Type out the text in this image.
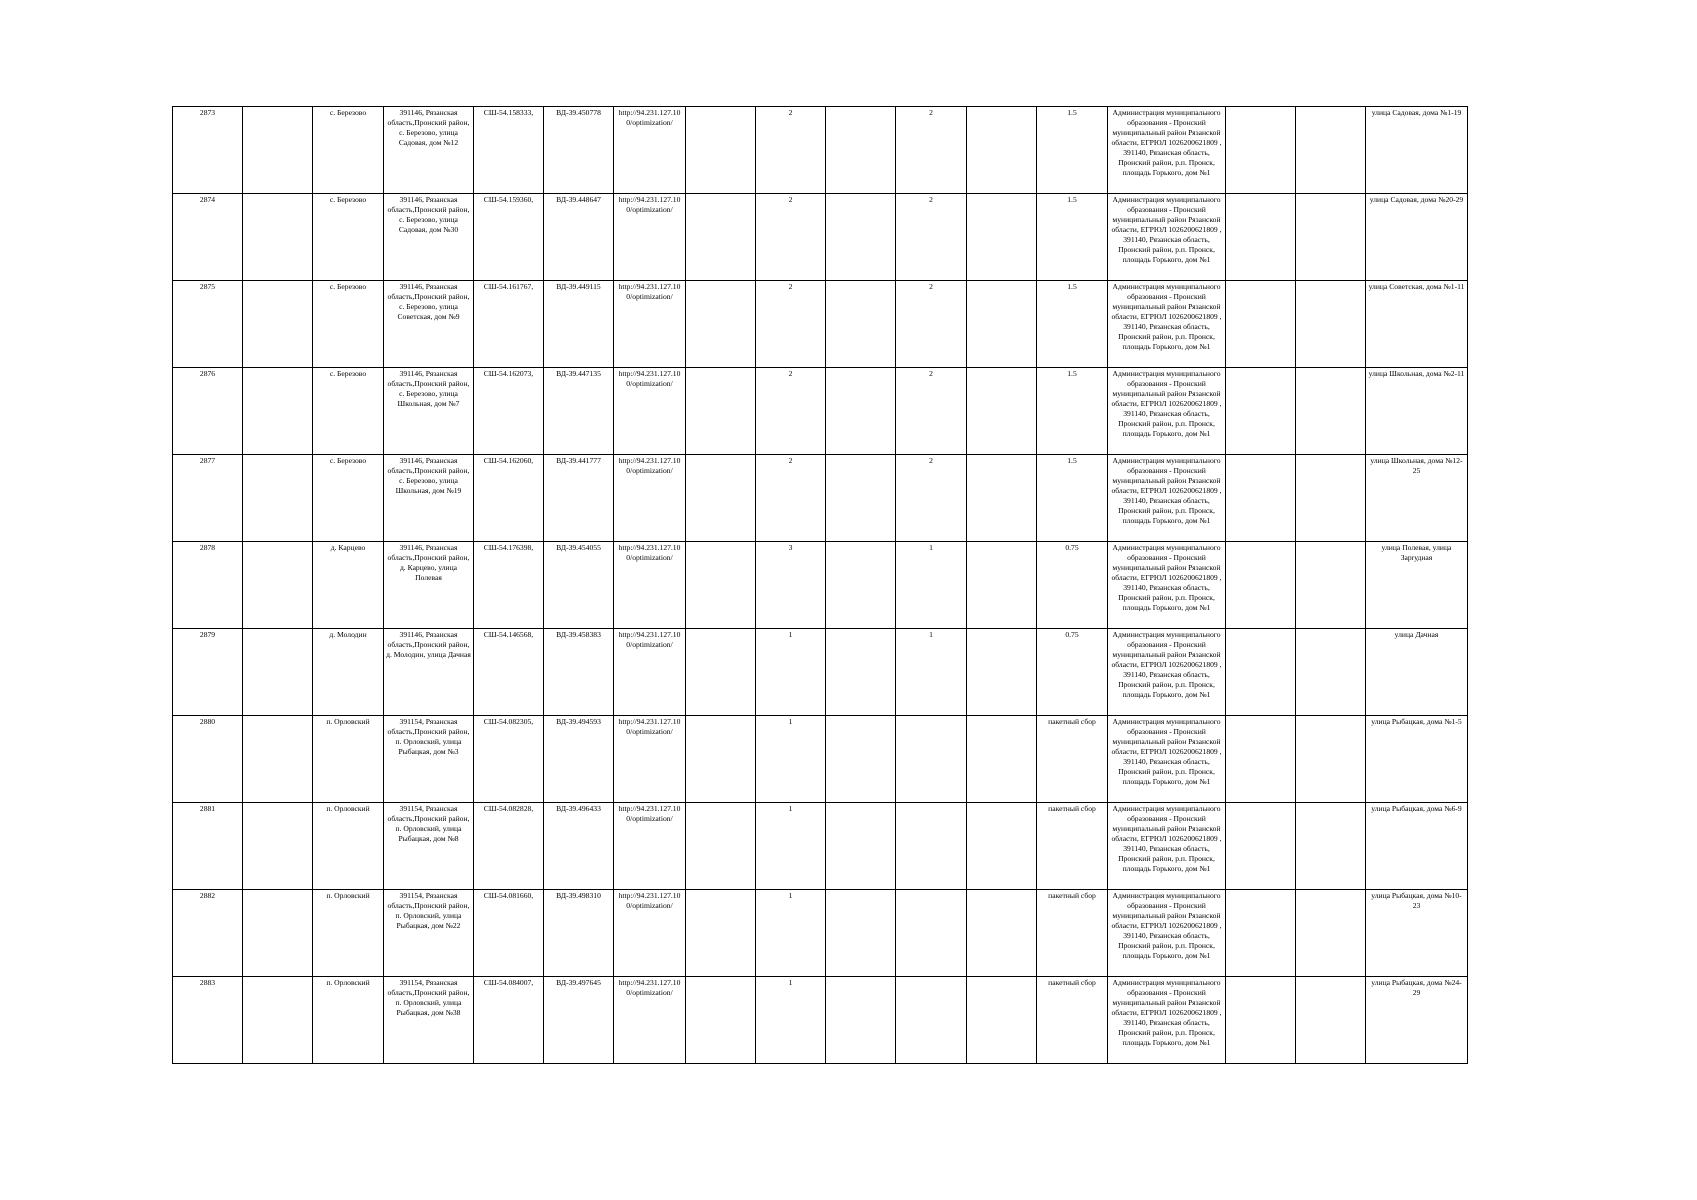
2873		с. Березово	391146, Рязанская область,Пронский район, с. Березово, улица Садовая, дом №12	СШ-54.158333,	ВД-39.450778	http://94.231.127.10 0/optimization/		2		2		1.5	Администрация муниципального образования - Пронский муниципальный район Рязанской области, ЕГРЮЛ 1026200621809 , 391140, Рязанская область, Пронский район, р.п. Пронск, площадь Горького, дом №1			улица Садовая, дома №1-19
2874		с. Березово	391146, Рязанская область,Пронский район, с. Березово, улица Садовая, дом №30	СШ-54.159360,	ВД-39.448647	http://94.231.127.10 0/optimization/		2		2		1.5	Администрация муниципального образования - Пронский муниципальный район Рязанской области, ЕГРЮЛ 1026200621809 , 391140, Рязанская область, Пронский район, р.п. Пронск, площадь Горького, дом №1			улица Садовая, дома №20-29
2875		с. Березово	391146, Рязанская область,Пронский район, с. Березово, улица Советская, дом №9	СШ-54.161767,	ВД-39.449115	http://94.231.127.10 0/optimization/		2		2		1.5	Администрация муниципального образования - Пронский муниципальный район Рязанской области, ЕГРЮЛ 1026200621809 , 391140, Рязанская область, Пронский район, р.п. Пронск, площадь Горького, дом №1			улица Советская, дома №1-11
2876		с. Березово	391146, Рязанская область,Пронский район, с. Березово, улица Школьная, дом №7	СШ-54.162073,	ВД-39.447135	http://94.231.127.10 0/optimization/		2		2		1.5	Администрация муниципального образования - Пронский муниципальный район Рязанской области, ЕГРЮЛ 1026200621809 , 391140, Рязанская область, Пронский район, р.п. Пронск, площадь Горького, дом №1			улица Школьная, дома №2-11
2877		с. Березово	391146, Рязанская область,Пронский район, с. Березово, улица Школьная, дом №19	СШ-54.162060,	ВД-39.441777	http://94.231.127.10 0/optimization/		2		2		1.5	Администрация муниципального образования - Пронский муниципальный район Рязанской области, ЕГРЮЛ 1026200621809 , 391140, Рязанская область, Пронский район, р.п. Пронск, площадь Горького, дом №1			улица Школьная, дома №12-25
2878		д. Карцево	391146, Рязанская область,Пронский район, д. Карцево, улица Полевая	СШ-54.176398,	ВД-39.454055	http://94.231.127.10 0/optimization/		3		1		0.75	Администрация муниципального образования - Пронский муниципальный район Рязанской области, ЕГРЮЛ 1026200621809 , 391140, Рязанская область, Пронский район, р.п. Пронск, площадь Горького, дом №1			улица Полевая, улица Заprудная
2879		д. Молодин	391146, Рязанская область,Пронский район, д. Молодин, улица Дачная	СШ-54.146568,	ВД-39.458383	http://94.231.127.10 0/optimization/		1		1		0.75	Администрация муниципального образования - Пронский муниципальный район Рязанской области, ЕГРЮЛ 1026200621809 , 391140, Рязанская область, Пронский район, р.п. Пронск, площадь Горького, дом №1			улица Дачная
2880		п. Орловский	391154, Рязанская область,Пронский район, п. Орловский, улица Рыбацкая, дом №3	СШ-54.082305,	ВД-39.494593	http://94.231.127.10 0/optimization/		1				пакетный сбор	Администрация муниципального образования - Пронский муниципальный район Рязанской области, ЕГРЮЛ 1026200621809 , 391140, Рязанская область, Пронский район, р.п. Пронск, площадь Горького, дом №1			улица Рыбацкая, дома №1-5
2881		п. Орловский	391154, Рязанская область,Пронский район, п. Орловский, улица Рыбацкая, дом №8	СШ-54.082828,	ВД-39.496433	http://94.231.127.10 0/optimization/		1				пакетный сбор	Администрация муниципального образования - Пронский муниципальный район Рязанской области, ЕГРЮЛ 1026200621809 , 391140, Рязанская область, Пронский район, р.п. Пронск, площадь Горького, дом №1			улица Рыбацкая, дома №6-9
2882		п. Орловский	391154, Рязанская область,Пронский район, п. Орловский, улица Рыбацкая, дом №22	СШ-54.081660,	ВД-39.498310	http://94.231.127.10 0/optimization/		1				пакетный сбор	Администрация муниципального образования - Пронский муниципальный район Рязанской области, ЕГРЮЛ 1026200621809 , 391140, Рязанская область, Пронский район, р.п. Пронск, площадь Горького, дом №1			улица Рыбацкая, дома №10-23
2883		п. Орловский	391154, Рязанская область,Пронский район, п. Орловский, улица Рыбацкая, дом №38	СШ-54.084007,	ВД-39.497645	http://94.231.127.10 0/optimization/		1				пакетный сбор	Администрация муниципального образования - Пронский муниципальный район Рязанской области, ЕГРЮЛ 1026200621809 , 391140, Рязанская область, Пронский район, р.п. Пронск, площадь Горького, дом №1			улица Рыбацкая, дома №24-29
